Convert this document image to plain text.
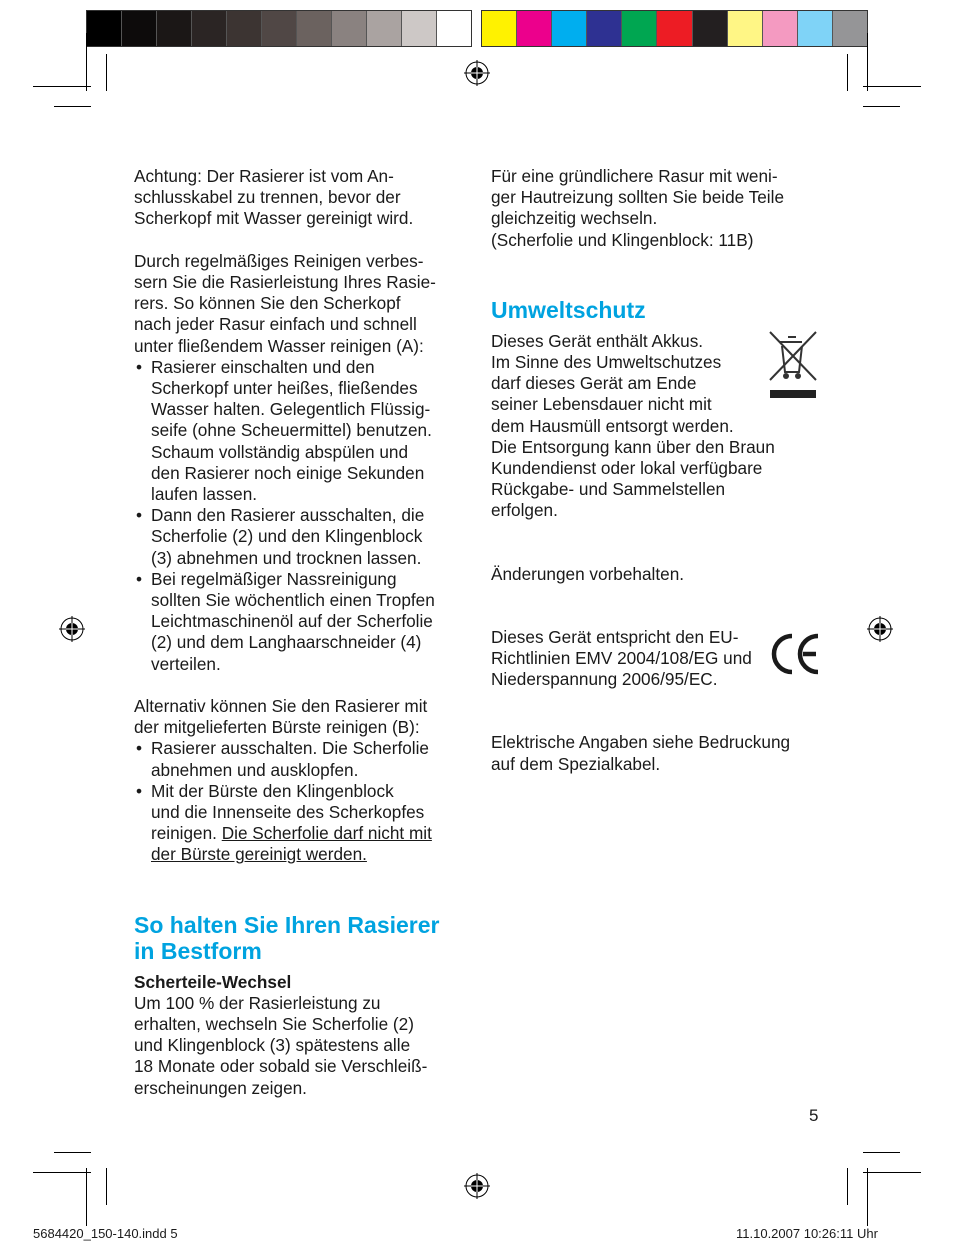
Achtung: Der Rasierer ist vom An-
schlusskabel zu trennen, bevor der
Scherkopf mit Wasser gereinigt wird.

Durch regelmäßiges Reinigen verbes-
sern Sie die Rasierleistung Ihres Rasie-
rers. So können Sie den Scherkopf
nach jeder Rasur einfach und schnell
unter fließendem Wasser reinigen (A):

• Rasierer einschalten und den
Scherkopf unter heißes, fließendes
Wasser halten. Gelegentlich Flüssig-
seife (ohne Scheuermittel) benutzen.
Schaum vollständig abspülen und
den Rasierer noch einige Sekunden
laufen lassen.

• Dann den Rasierer ausschalten, die
Scherfolie (2) und den Klingenblock
(3) abnehmen und trocknen lassen.

• Bei regelmäßiger Nassreinigung
sollten Sie wöchentlich einen Tropfen
Leichtmaschinenöl auf der Scherfolie
(2) und dem Langhaarschneider (4)
verteilen.

Alternativ können Sie den Rasierer mit
der mitgelieferten Bürste reinigen (B):

• Rasierer ausschalten. Die Scherfolie
abnehmen und ausklopfen.

• Mit der Bürste den Klingenblock
und die Innenseite des Scherkopfes
reinigen. Die Scherfolie darf nicht mit
der Bürste gereinigt werden.

So halten Sie Ihren Rasierer
in Bestform

Scherteile-Wechsel

Um 100 % der Rasierleistung zu
erhalten, wechseln Sie Scherfolie (2)
und Klingenblock (3) spätestens alle
18 Monate oder sobald sie Verschleiß-
erscheinungen zeigen.

Für eine gründlichere Rasur mit weni-
ger Hautreizung sollten Sie beide Teile
gleichzeitig wechseln.
(Scherfolie und Klingenblock: 11B)

Umweltschutz

Dieses Gerät enthält Akkus.
Im Sinne des Umweltschutzes
darf dieses Gerät am Ende
seiner Lebensdauer nicht mit
dem Hausmüll entsorgt werden.
Die Entsorgung kann über den Braun
Kundendienst oder lokal verfügbare
Rückgabe- und Sammelstellen
erfolgen.

Änderungen vorbehalten.

Dieses Gerät entspricht den EU-
Richtlinien EMV 2004/108/EG und
Niederspannung 2006/95/EC.

Elektrische Angaben siehe Bedruckung
auf dem Spezialkabel.

5
5684420_150-140.indd 5	11.10.2007 10:26:11 Uhr
